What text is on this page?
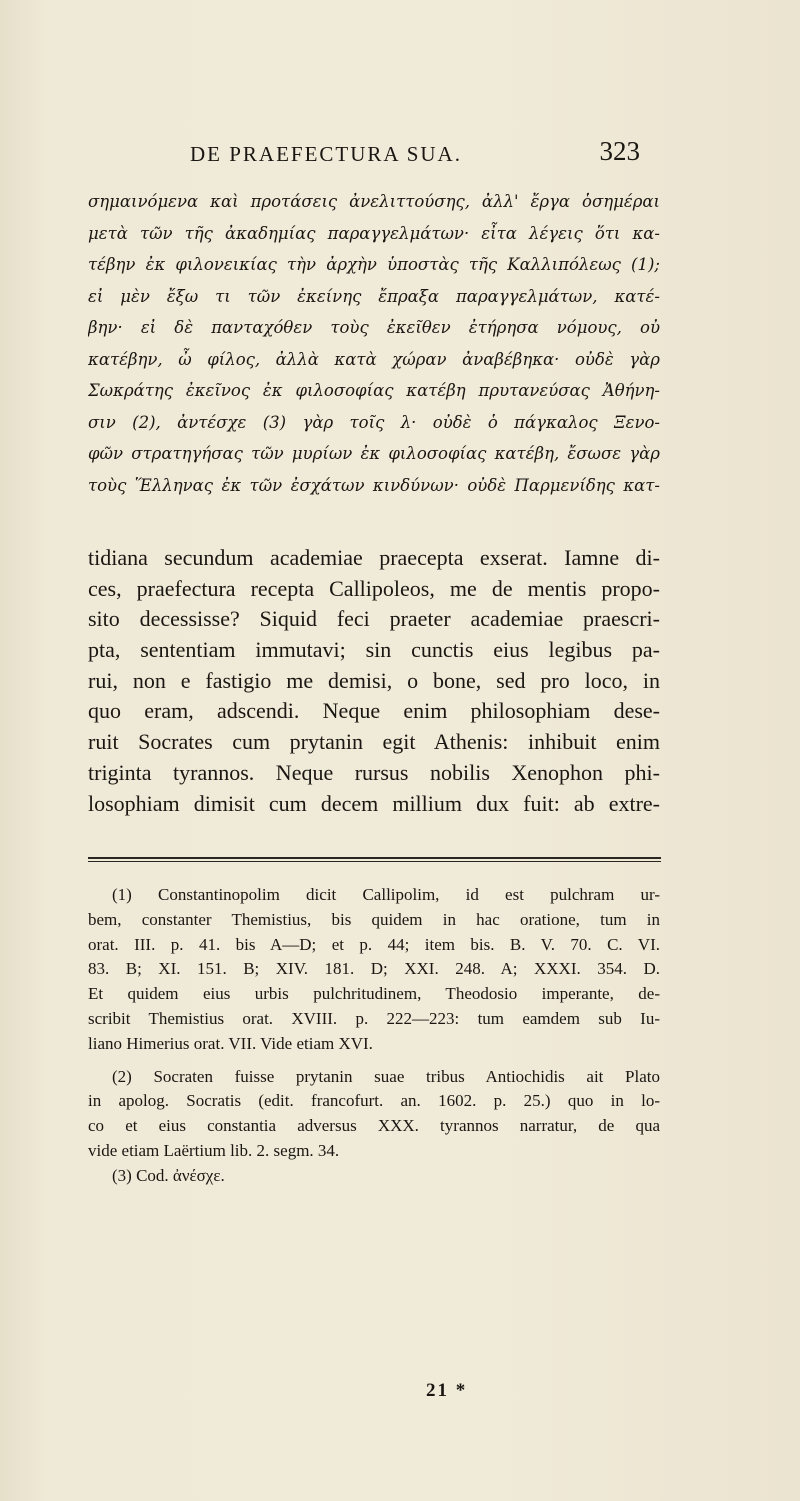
DE PRAEFECTURA SUA.	323
σημαινόμενα καὶ προτάσεις ἀνελιττούσης, ἀλλ' ἔργα ὁσημέραι
μετὰ τῶν τῆς ἀκαδημίας παραγγελμάτων· εἶτα λέγεις ὅτι κα-
τέβην ἐκ φιλονεικίας τὴν ἀρχὴν ὑποστὰς τῆς Καλλιπόλεως (1);
εἰ μὲν ἔξω τι τῶν ἐκείνης ἔπραξα παραγγελμάτων, κατέ-
βην· εἰ δὲ πανταχόθεν τοὺς ἐκεῖθεν ἐτήρησα νόμους, οὐ
κατέβην, ὦ φίλος, ἀλλὰ κατὰ χώραν ἀναβέβηκα· οὐδὲ γὰρ
Σωκράτης ἐκεῖνος ἐκ φιλοσοφίας κατέβη πρυτανεύσας Ἀθήνη-
σιν (2), ἀντέσχε (3) γὰρ τοῖς λ· οὐδὲ ὁ πάγκαλος Ξενο-
φῶν στρατηγήσας τῶν μυρίων ἐκ φιλοσοφίας κατέβη, ἔσωσε γὰρ
τοὺς Ἕλληνας ἐκ τῶν ἐσχάτων κινδύνων· οὐδὲ Παρμενίδης κατ-
tidiana secundum academiae praecepta exserat. Iamne di-
ces, praefectura recepta Callipoleos, me de mentis propo-
sito decessisse? Siquid feci praeter academiae praescri-
pta, sententiam immutavi; sin cunctis eius legibus pa-
rui, non e fastigio me demisi, o bone, sed pro loco, in
quo eram, adscendi. Neque enim philosophiam dese-
ruit Socrates cum prytanin egit Athenis: inhibuit enim
triginta tyrannos. Neque rursus nobilis Xenophon phi-
losophiam dimisit cum decem millium dux fuit: ab extre-
(1) Constantinopolim dicit Callipolim, id est pulchram ur-
bem, constanter Themistius, bis quidem in hac oratione, tum in
orat. III. p. 41. bis A—D; et p. 44; item bis. B. V. 70. C. VI.
83. B; XI. 151. B; XIV. 181. D; XXI. 248. A; XXXI. 354. D.
Et quidem eius urbis pulchritudinem, Theodosio imperante, de-
scribit Themistius orat. XVIII. p. 222—223: tum eamdem sub Iu-
liano Himerius orat. VII. Vide etiam XVI.
(2) Socraten fuisse prytanin suae tribus Antiochidis ait Plato
in apolog. Socratis (edit. francofurt. an. 1602. p. 25.) quo in lo-
co et eius constantia adversus XXX. tyrannos narratur, de qua
vide etiam Laërtium lib. 2. segm. 34.
(3) Cod. ἀνέσχε.
21 *
